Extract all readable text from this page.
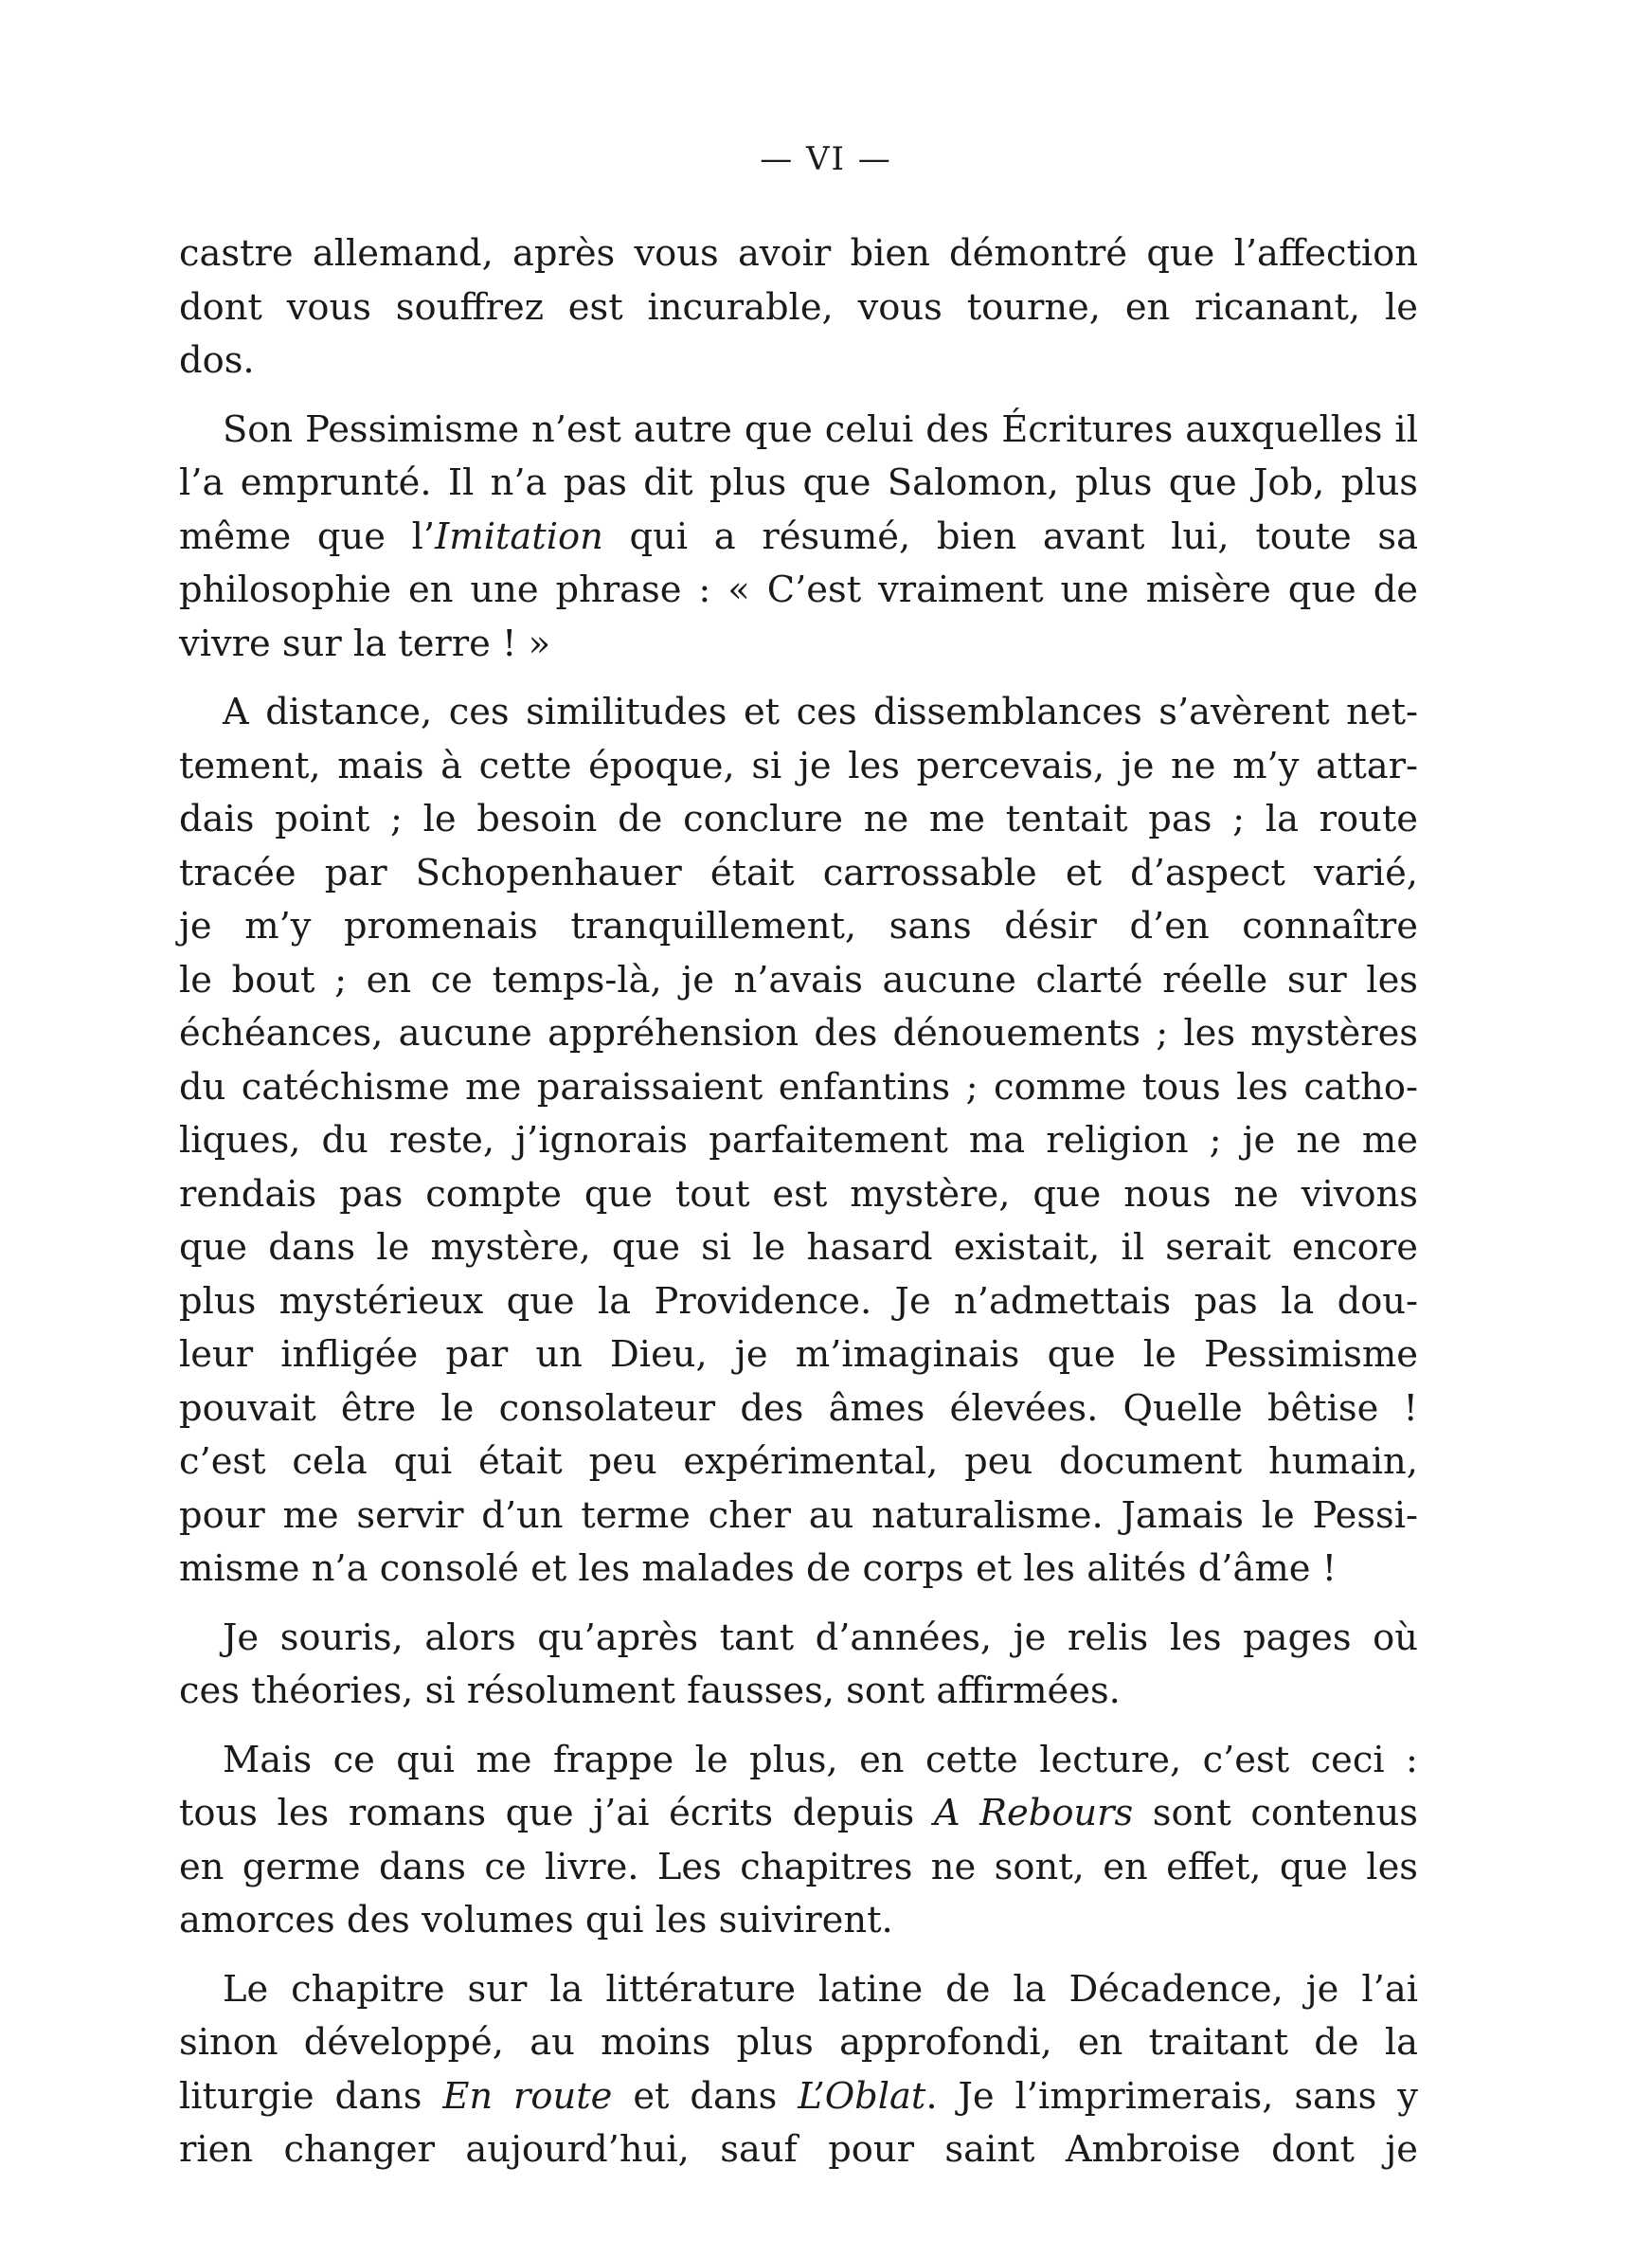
— VI —
castre allemand, après vous avoir bien démontré que l’affection
dont vous souffrez est incurable, vous tourne, en ricanant, le
dos.
Son Pessimisme n’est autre que celui des Écritures auxquelles il
l’a emprunté. Il n’a pas dit plus que Salomon, plus que Job, plus
même que l’Imitation qui a résumé, bien avant lui, toute sa
philosophie en une phrase : « C’est vraiment une misère que de
vivre sur la terre ! »
A distance, ces similitudes et ces dissemblances s’avèrent net-
tement, mais à cette époque, si je les percevais, je ne m’y attar-
dais point ; le besoin de conclure ne me tentait pas ; la route
tracée par Schopenhauer était carrossable et d’aspect varié,
je m’y promenais tranquillement, sans désir d’en connaître
le bout ; en ce temps-là, je n’avais aucune clarté réelle sur les
échéances, aucune appréhension des dénouements ; les mystères
du catéchisme me paraissaient enfantins ; comme tous les catho-
liques, du reste, j’ignorais parfaitement ma religion ; je ne me
rendais pas compte que tout est mystère, que nous ne vivons
que dans le mystère, que si le hasard existait, il serait encore
plus mystérieux que la Providence. Je n’admettais pas la dou-
leur infligée par un Dieu, je m’imaginais que le Pessimisme
pouvait être le consolateur des âmes élevées. Quelle bêtise !
c’est cela qui était peu expérimental, peu document humain,
pour me servir d’un terme cher au naturalisme. Jamais le Pessi-
misme n’a consolé et les malades de corps et les alités d’âme !
Je souris, alors qu’après tant d’années, je relis les pages où
ces théories, si résolument fausses, sont affirmées.
Mais ce qui me frappe le plus, en cette lecture, c’est ceci :
tous les romans que j’ai écrits depuis A Rebours sont contenus
en germe dans ce livre. Les chapitres ne sont, en effet, que les
amorces des volumes qui les suivirent.
Le chapitre sur la littérature latine de la Décadence, je l’ai
sinon développé, au moins plus approfondi, en traitant de la
liturgie dans En route et dans L’Oblat. Je l’imprimerais, sans y
rien changer aujourd’hui, sauf pour saint Ambroise dont je
